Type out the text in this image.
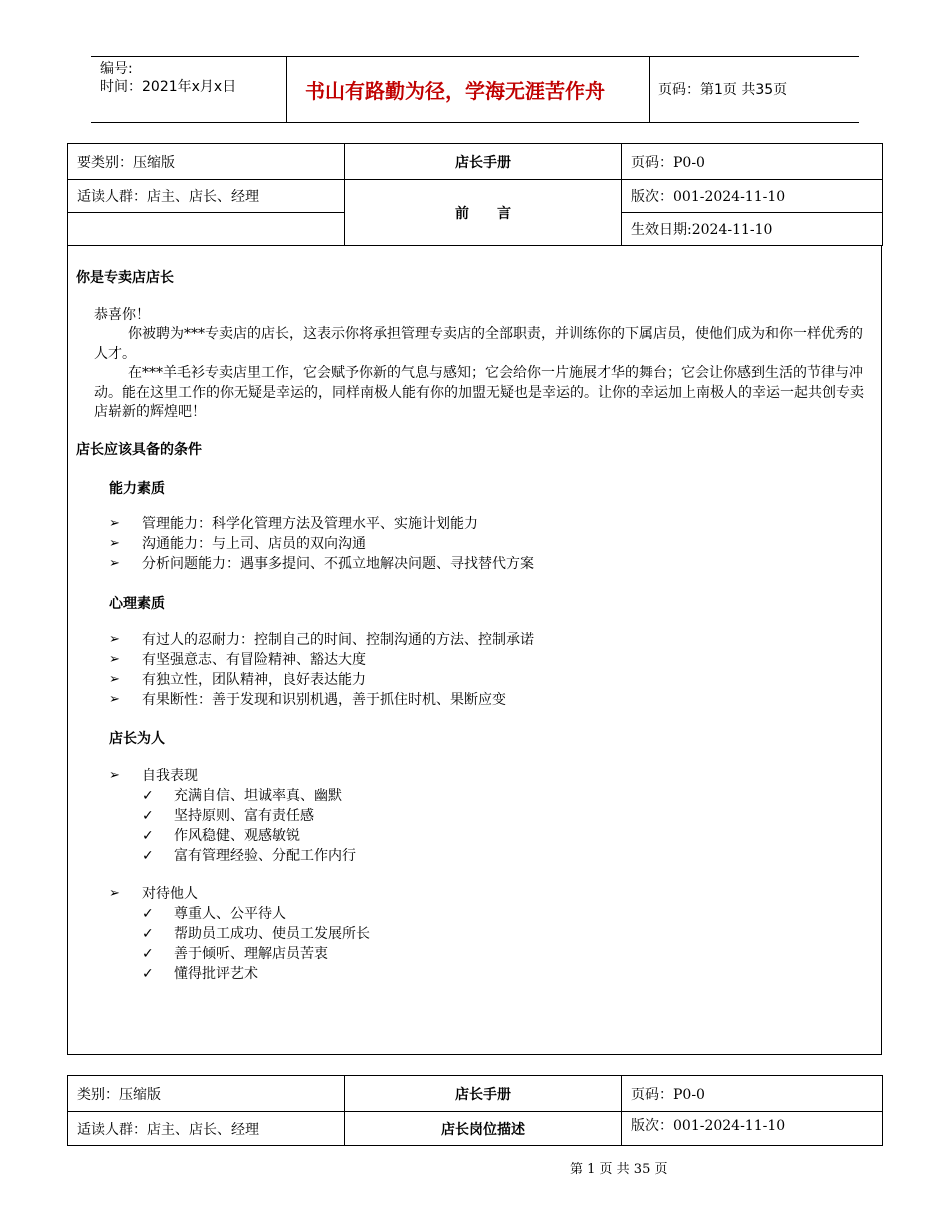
编号:
时间：2021年x月x日	书山有路勤为径，学海无涯苦作舟	页码：第1页 共35页
要类别：压缩版	店长手册	页码：P0-0
适读人群：店主、店长、经理	前　　言	版次：001-2024-11-10
		生效日期:2024-11-10
你是专卖店店长
恭喜你！
你被聘为***专卖店的店长，这表示你将承担管理专卖店的全部职责，并训练你的下属店员，使他们成为和你一样优秀的人才。
在***羊毛衫专卖店里工作，它会赋予你新的气息与感知；它会给你一片施展才华的舞台；它会让你感到生活的节律与冲动。能在这里工作的你无疑是幸运的，同样南极人能有你的加盟无疑也是幸运的。让你的幸运加上南极人的幸运一起共创专卖店崭新的辉煌吧！
店长应该具备的条件
能力素质
➢ 管理能力：科学化管理方法及管理水平、实施计划能力
➢ 沟通能力：与上司、店员的双向沟通
➢ 分析问题能力：遇事多提问、不孤立地解决问题、寻找替代方案
心理素质
➢ 有过人的忍耐力：控制自己的时间、控制沟通的方法、控制承诺
➢ 有坚强意志、有冒险精神、豁达大度
➢ 有独立性，团队精神，良好表达能力
➢ 有果断性：善于发现和识别机遇，善于抓住时机、果断应变
店长为人
➢ 自我表现
✓ 充满自信、坦诚率真、幽默
✓ 坚持原则、富有责任感
✓ 作风稳健、观感敏锐
✓ 富有管理经验、分配工作内行
➢ 对待他人
✓ 尊重人、公平待人
✓ 帮助员工成功、使员工发展所长
✓ 善于倾听、理解店员苦衷
✓ 懂得批评艺术
类别：压缩版	店长手册	页码：P0-0
适读人群：店主、店长、经理	店长岗位描述	版次：001-2024-11-10
第 1 页 共 35 页
